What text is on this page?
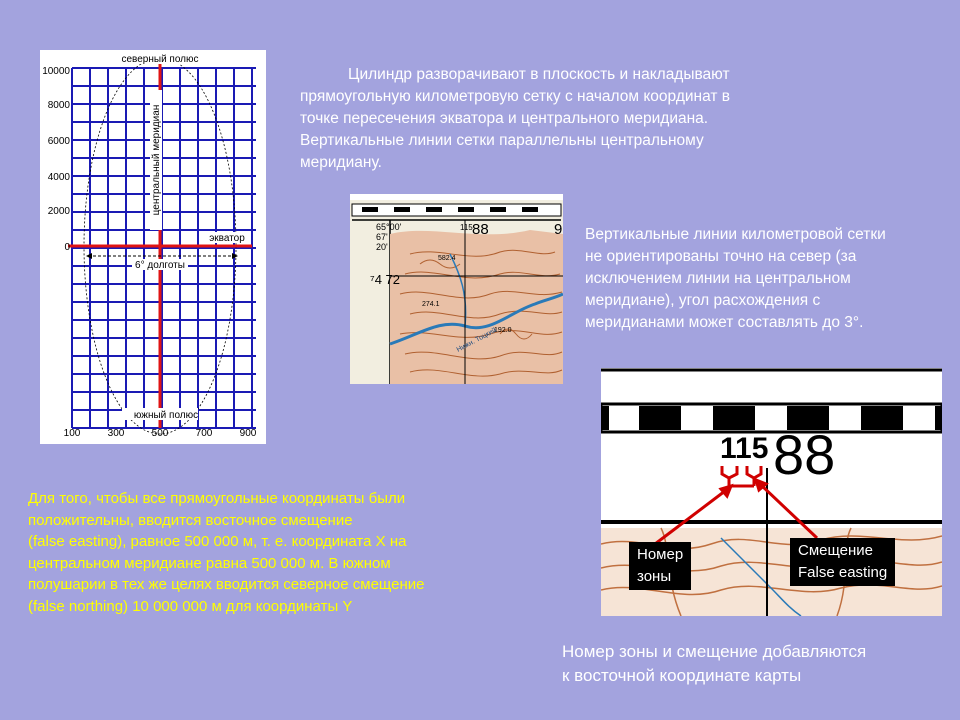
Цилиндр разворачивают в плоскость и накладывают
прямоугольную километровую сетку с началом координат в
точке пересечения экватора и центрального меридиана.
Вертикальные линии сетки параллельны центральному
меридиану.

северный полюс
южный полюс
экватор
6° долготы
центральный меридиан
10000
8000
6000
4000
2000
0
100	300	500	700	900
65°00'
67'
20'
⁷4 72
115 88	9
582.4
274.1
192.0
Нижн. Тоцкий

Вертикальные линии километровой сетки
не ориентированы точно на север (за
исключением линии на центральном
меридиане), угол расхождения с
меридианами может составлять до 3°.

115 88
Номер
зоны
Смещение
False easting

Для того, чтобы все прямоугольные координаты были
положительны, вводится восточное смещение
(false easting), равное 500 000 м, т. е. координата X на
центральном меридиане равна 500 000 м. В южном
полушарии в тех же целях вводится северное смещение
(false northing) 10 000 000 м для координаты Y

Номер зоны и смещение добавляются
к восточной координате карты
